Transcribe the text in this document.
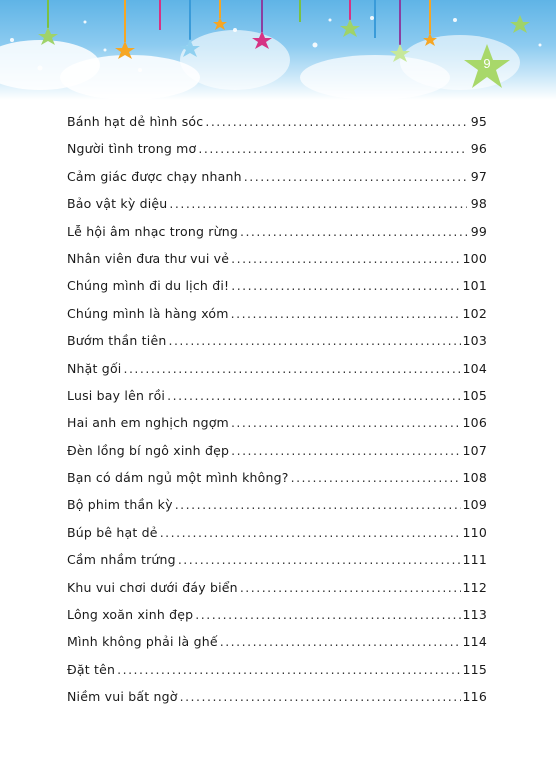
9
Bánh hạt dẻ hình sóc .....	95
Người tình trong mơ .....	96
Cảm giác được chạy nhanh .....	97
Bảo vật kỳ diệu .....	98
Lễ hội âm nhạc trong rừng .....	99
Nhân viên đưa thư vui vẻ .....	100
Chúng mình đi du lịch đi! .....	101
Chúng mình là hàng xóm .....	102
Bướm thần tiên .....	103
Nhặt gối .....	104
Lusi bay lên rồi .....	105
Hai anh em nghịch ngợm .....	106
Đèn lồng bí ngô xinh đẹp .....	107
Bạn có dám ngủ một mình không? .....	108
Bộ phim thần kỳ .....	109
Búp bê hạt dẻ .....	110
Cầm nhầm trứng .....	111
Khu vui chơi dưới đáy biển .....	112
Lông xoăn xinh đẹp .....	113
Mình không phải là ghế .....	114
Đặt tên .....	115
Niềm vui bất ngờ .....	116
